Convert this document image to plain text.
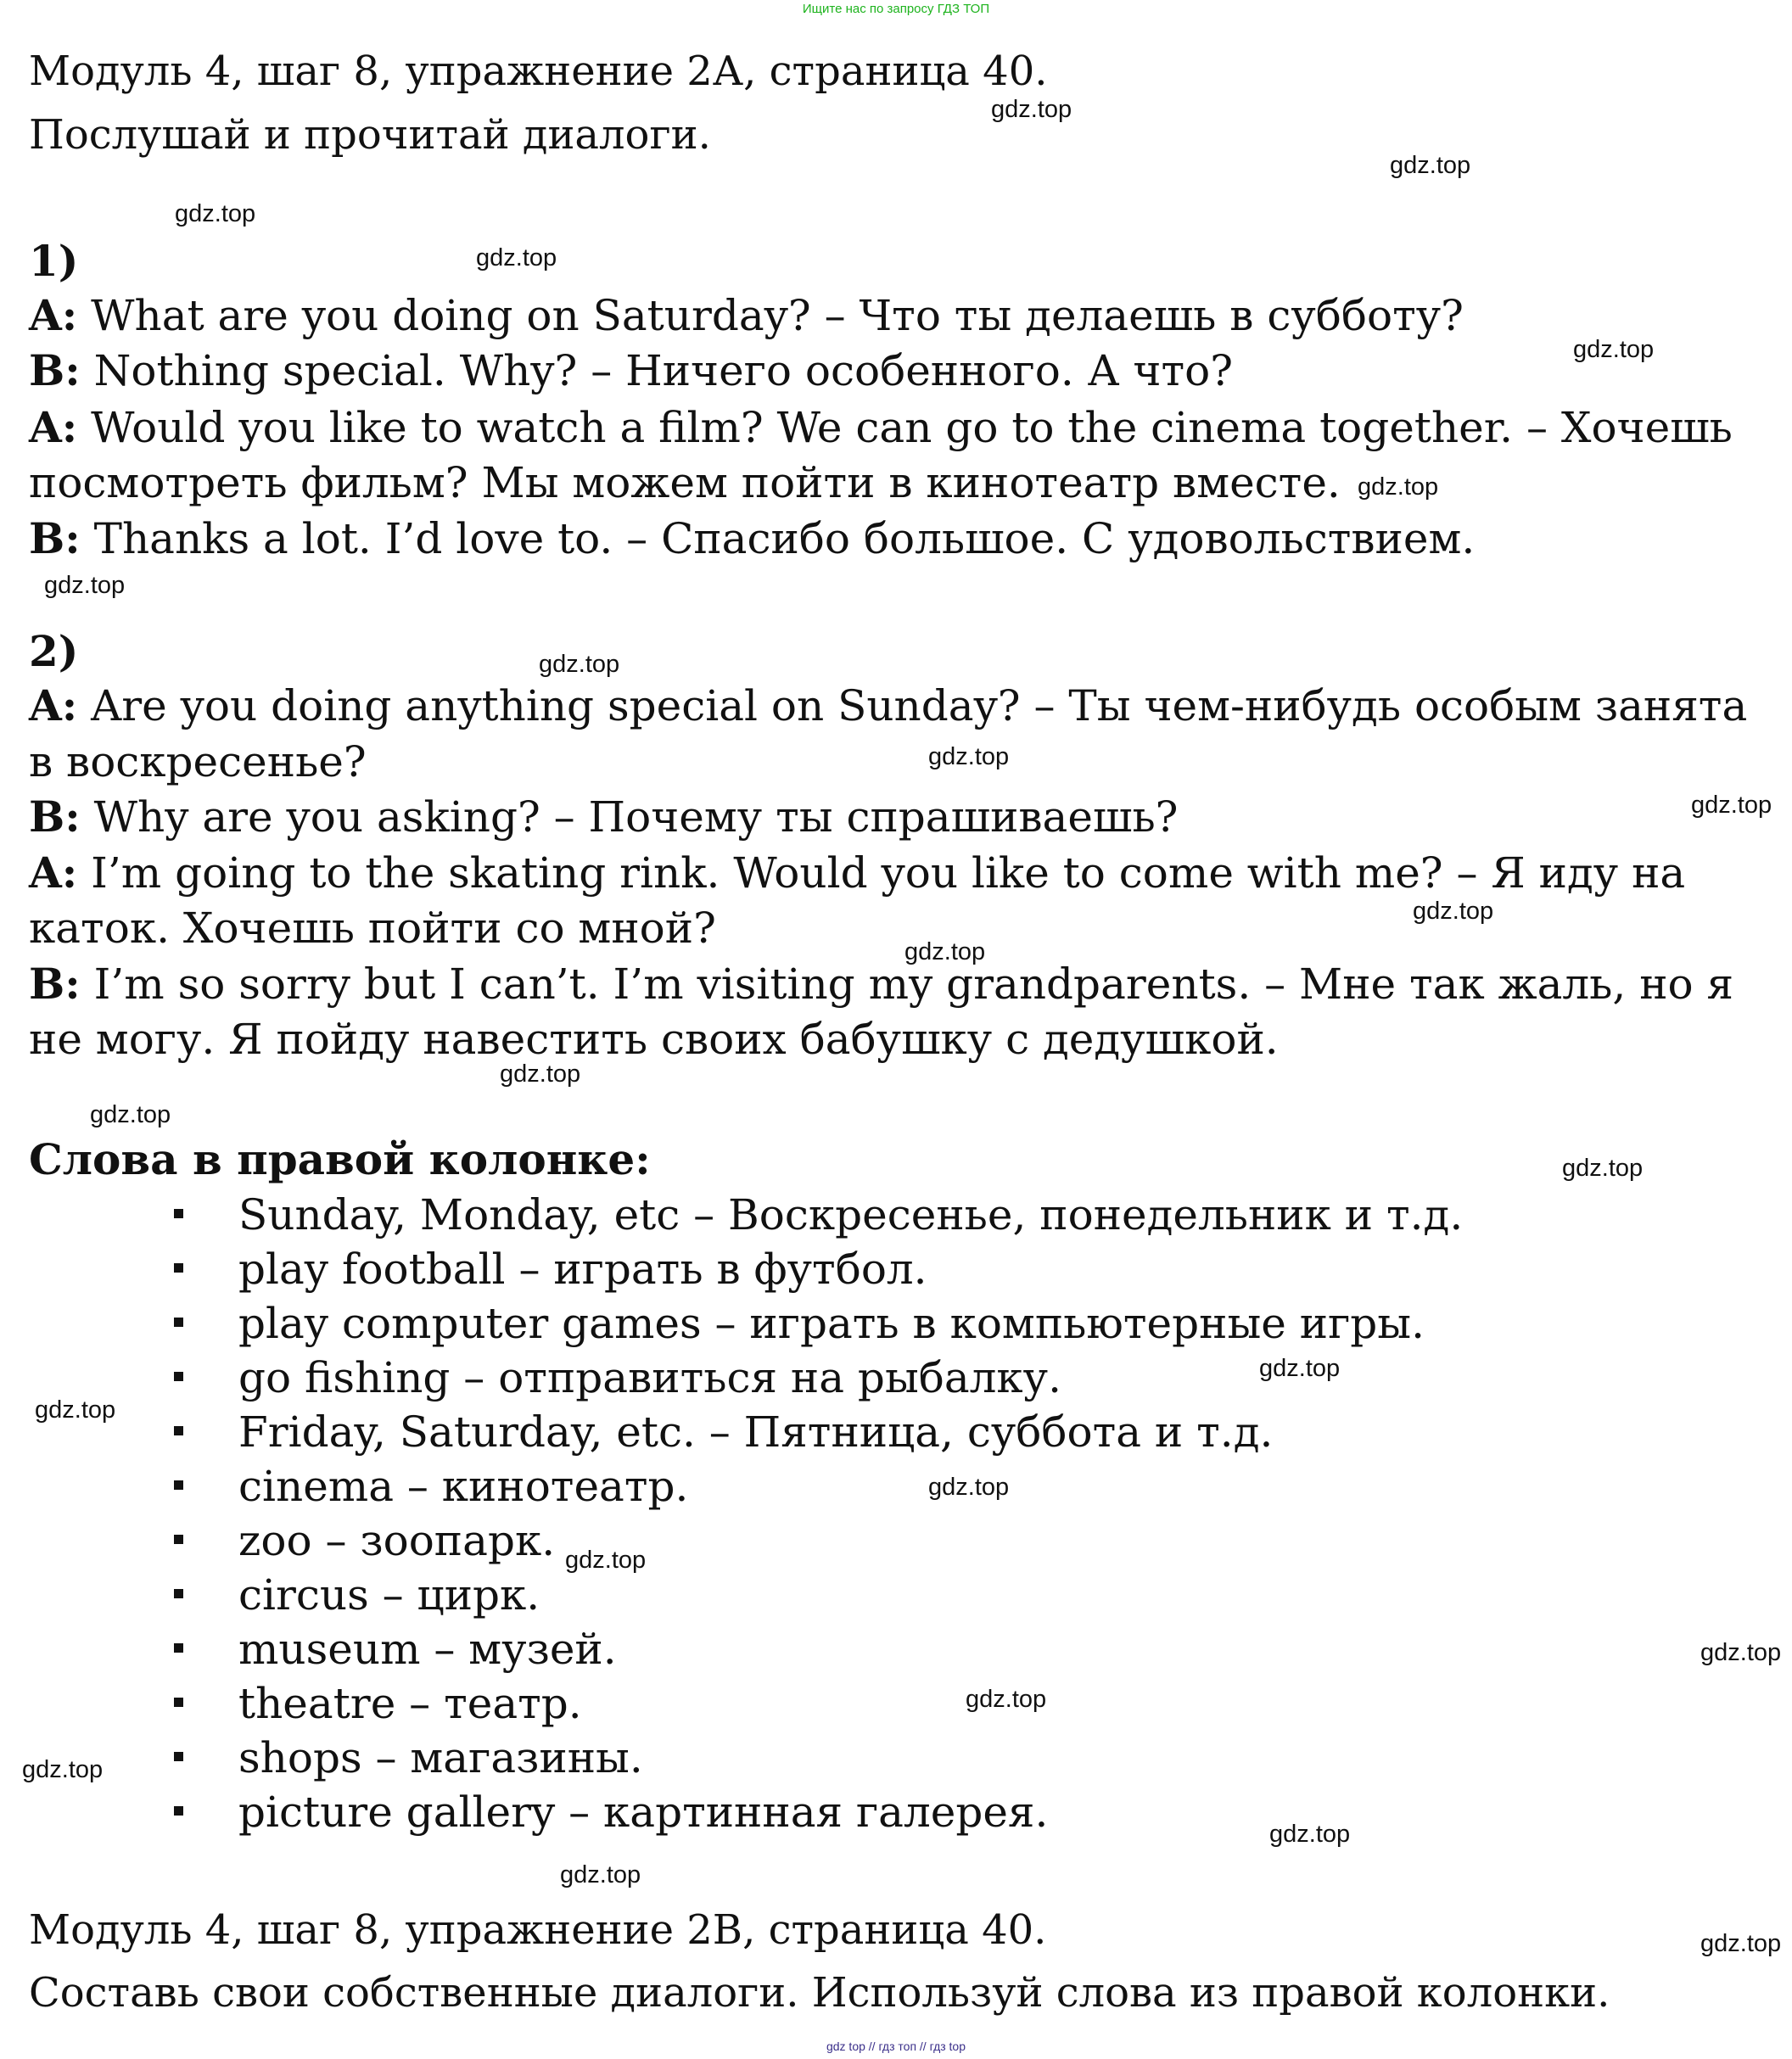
Ищите нас по запросу ГДЗ ТОП
Модуль 4, шаг 8, упражнение 2А, страница 40.
Послушай и прочитай диалоги.
1)
A: What are you doing on Saturday? – Что ты делаешь в субботу?
B: Nothing special. Why? – Ничего особенного. А что?
A: Would you like to watch a film? We can go to the cinema together. – Хочешь
посмотреть фильм? Мы можем пойти в кинотеатр вместе.
B: Thanks a lot. I’d love to. – Спасибо большое. С удовольствием.
2)
A: Are you doing anything special on Sunday? – Ты чем-нибудь особым занята
в воскресенье?
B: Why are you asking? – Почему ты спрашиваешь?
A: I’m going to the skating rink. Would you like to come with me? – Я иду на
каток. Хочешь пойти со мной?
B: I’m so sorry but I can’t. I’m visiting my grandparents. – Мне так жаль, но я
не могу. Я пойду навестить своих бабушку с дедушкой.
Слова в правой колонке:
Sunday, Monday, etc – Воскресенье, понедельник и т.д.
play football – играть в футбол.
play computer games – играть в компьютерные игры.
go fishing – отправиться на рыбалку.
Friday, Saturday, etc. – Пятница, суббота и т.д.
cinema – кинотеатр.
zoo – зоопарк.
circus – цирк.
museum – музей.
theatre – театр.
shops – магазины.
picture gallery – картинная галерея.
Модуль 4, шаг 8, упражнение 2В, страница 40.
Составь свои собственные диалоги. Используй слова из правой колонки.
gdz.top
gdz.top
gdz.top
gdz.top
gdz.top
gdz.top
gdz.top
gdz.top
gdz.top
gdz.top
gdz.top
gdz.top
gdz.top
gdz.top
gdz.top
gdz.top
gdz.top
gdz.top
gdz.top
gdz.top
gdz.top
gdz.top
gdz.top
gdz.top
gdz.top
gdz top // гдз топ // гдз top
